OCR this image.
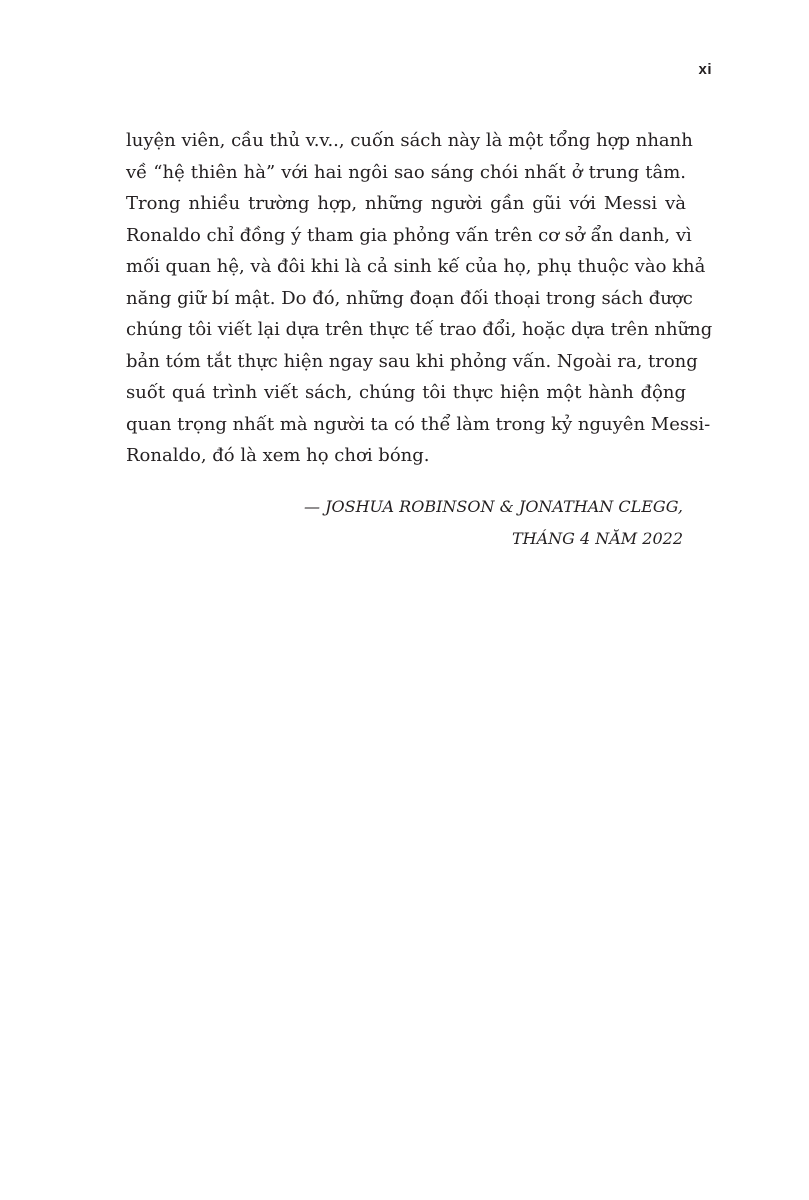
xi
luyện viên, cầu thủ v.v.., cuốn sách này là một tổng hợp nhanh
về “hệ thiên hà” với hai ngôi sao sáng chói nhất ở trung tâm.
Trong nhiều trường hợp, những người gần gũi với Messi và
Ronaldo chỉ đồng ý tham gia phỏng vấn trên cơ sở ẩn danh, vì
mối quan hệ, và đôi khi là cả sinh kế của họ, phụ thuộc vào khả
năng giữ bí mật. Do đó, những đoạn đối thoại trong sách được
chúng tôi viết lại dựa trên thực tế trao đổi, hoặc dựa trên những
bản tóm tắt thực hiện ngay sau khi phỏng vấn. Ngoài ra, trong
suốt quá trình viết sách, chúng tôi thực hiện một hành động
quan trọng nhất mà người ta có thể làm trong kỷ nguyên Messi-
Ronaldo, đó là xem họ chơi bóng.
— JOSHUA ROBINSON & JONATHAN CLEGG,
THÁNG 4 NĂM 2022
